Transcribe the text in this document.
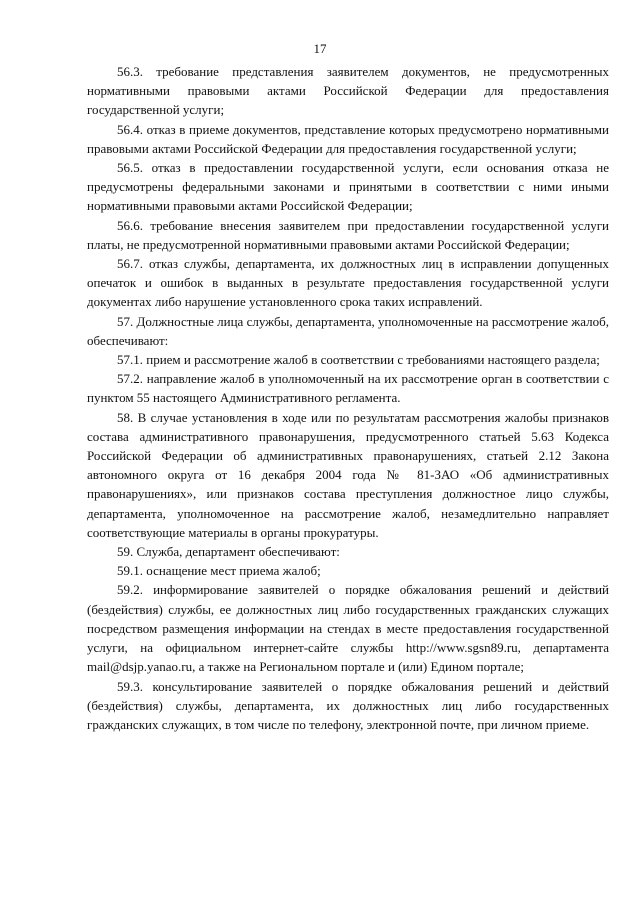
17

56.3. требование представления заявителем документов, не предусмотренных нормативными правовыми актами Российской Федерации для предоставления государственной услуги;

56.4. отказ в приеме документов, представление которых предусмотрено нормативными правовыми актами Российской Федерации для предоставления государственной услуги;

56.5. отказ в предоставлении государственной услуги, если основания отказа не предусмотрены федеральными законами и принятыми в соответствии с ними иными нормативными правовыми актами Российской Федерации;

56.6. требование внесения заявителем при предоставлении государственной услуги платы, не предусмотренной нормативными правовыми актами Российской Федерации;

56.7. отказ службы, департамента, их должностных лиц в исправлении допущенных опечаток и ошибок в выданных в результате предоставления государственной услуги документах либо нарушение установленного срока таких исправлений.

57. Должностные лица службы, департамента, уполномоченные на рассмотрение жалоб, обеспечивают:

57.1. прием и рассмотрение жалоб в соответствии с требованиями настоящего раздела;

57.2. направление жалоб в уполномоченный на их рассмотрение орган в соответствии с пунктом 55 настоящего Административного регламента.

58. В случае установления в ходе или по результатам рассмотрения жалобы признаков состава административного правонарушения, предусмотренного статьей 5.63 Кодекса Российской Федерации об административных правонарушениях, статьей 2.12 Закона автономного округа от 16 декабря 2004 года № 81-ЗАО «Об административных правонарушениях», или признаков состава преступления должностное лицо службы, департамента, уполномоченное на рассмотрение жалоб, незамедлительно направляет соответствующие материалы в органы прокуратуры.

59. Служба, департамент обеспечивают:

59.1. оснащение мест приема жалоб;

59.2. информирование заявителей о порядке обжалования решений и действий (бездействия) службы, ее должностных лиц либо государственных гражданских служащих посредством размещения информации на стендах в месте предоставления государственной услуги, на официальном интернет-сайте службы http://www.sgsn89.ru, департамента mail@dsjp.yanao.ru, а также на Региональном портале и (или) Едином портале;

59.3. консультирование заявителей о порядке обжалования решений и действий (бездействия) службы, департамента, их должностных лиц либо государственных гражданских служащих, в том числе по телефону, электронной почте, при личном приеме.
